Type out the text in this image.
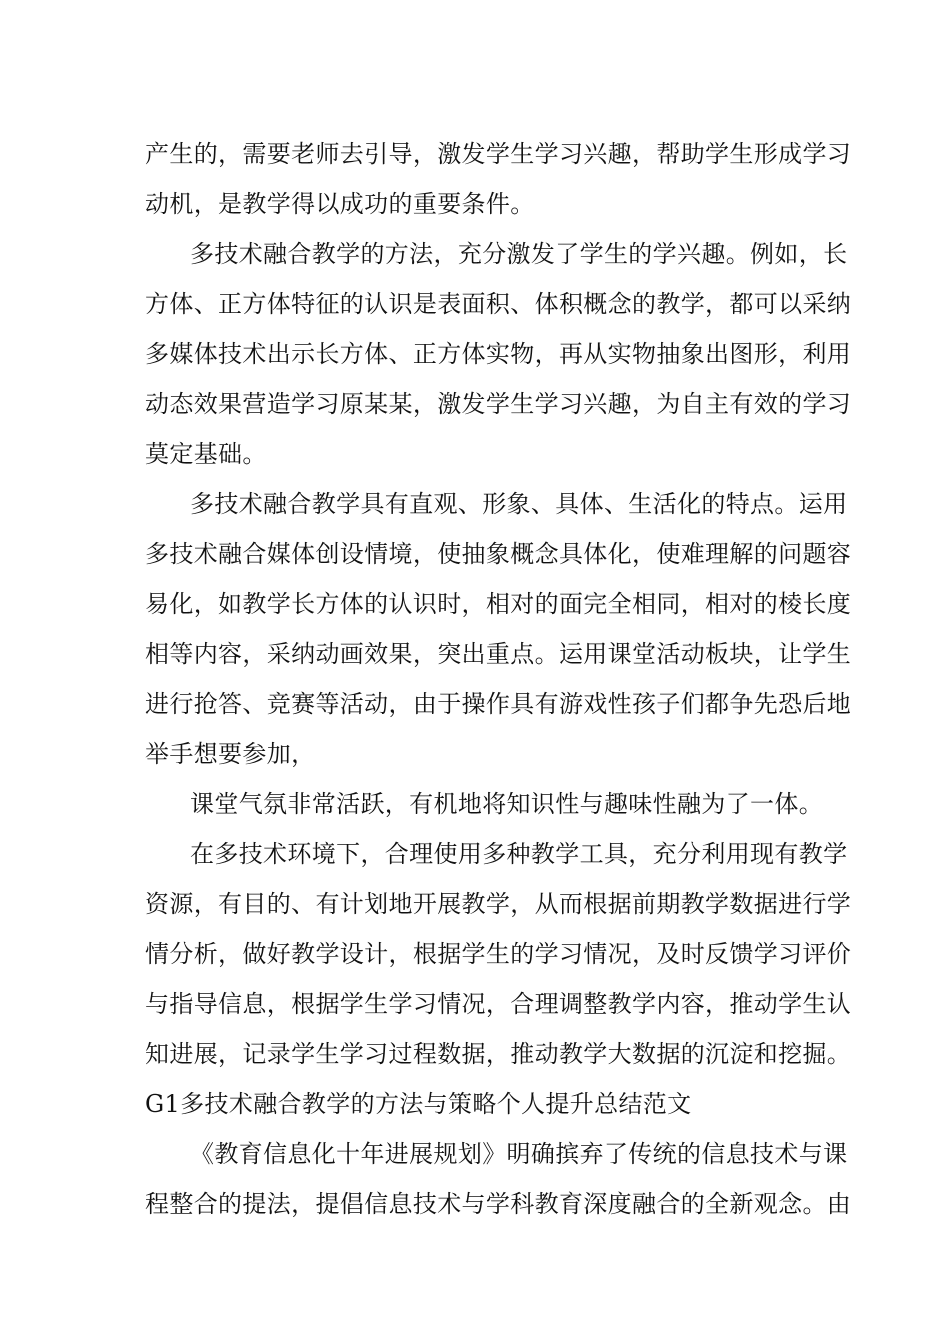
产生的，需要老师去引导，激发学生学习兴趣，帮助学生形成学习
动机，是教学得以成功的重要条件。
多技术融合教学的方法，充分激发了学生的学兴趣。例如，长
方体、正方体特征的认识是表面积、体积概念的教学，都可以采纳
多媒体技术出示长方体、正方体实物，再从实物抽象出图形，利用
动态效果营造学习原某某，激发学生学习兴趣，为自主有效的学习
莫定基础。
多技术融合教学具有直观、形象、具体、生活化的特点。运用
多技术融合媒体创设情境，使抽象概念具体化，使难理解的问题容
易化，如教学长方体的认识时，相对的面完全相同，相对的棱长度
相等内容，采纳动画效果，突出重点。运用课堂活动板块，让学生
进行抢答、竞赛等活动，由于操作具有游戏性孩子们都争先恐后地
举手想要参加，
课堂气氛非常活跃，有机地将知识性与趣味性融为了一体。
在多技术环境下，合理使用多种教学工具，充分利用现有教学
资源，有目的、有计划地开展教学，从而根据前期教学数据进行学
情分析，做好教学设计，根据学生的学习情况，及时反馈学习评价
与指导信息，根据学生学习情况，合理调整教学内容，推动学生认
知进展，记录学生学习过程数据，推动教学大数据的沉淀和挖掘。
G1多技术融合教学的方法与策略个人提升总结范文
《教育信息化十年进展规划》明确摈弃了传统的信息技术与课
程整合的提法，提倡信息技术与学科教育深度融合的全新观念。由
